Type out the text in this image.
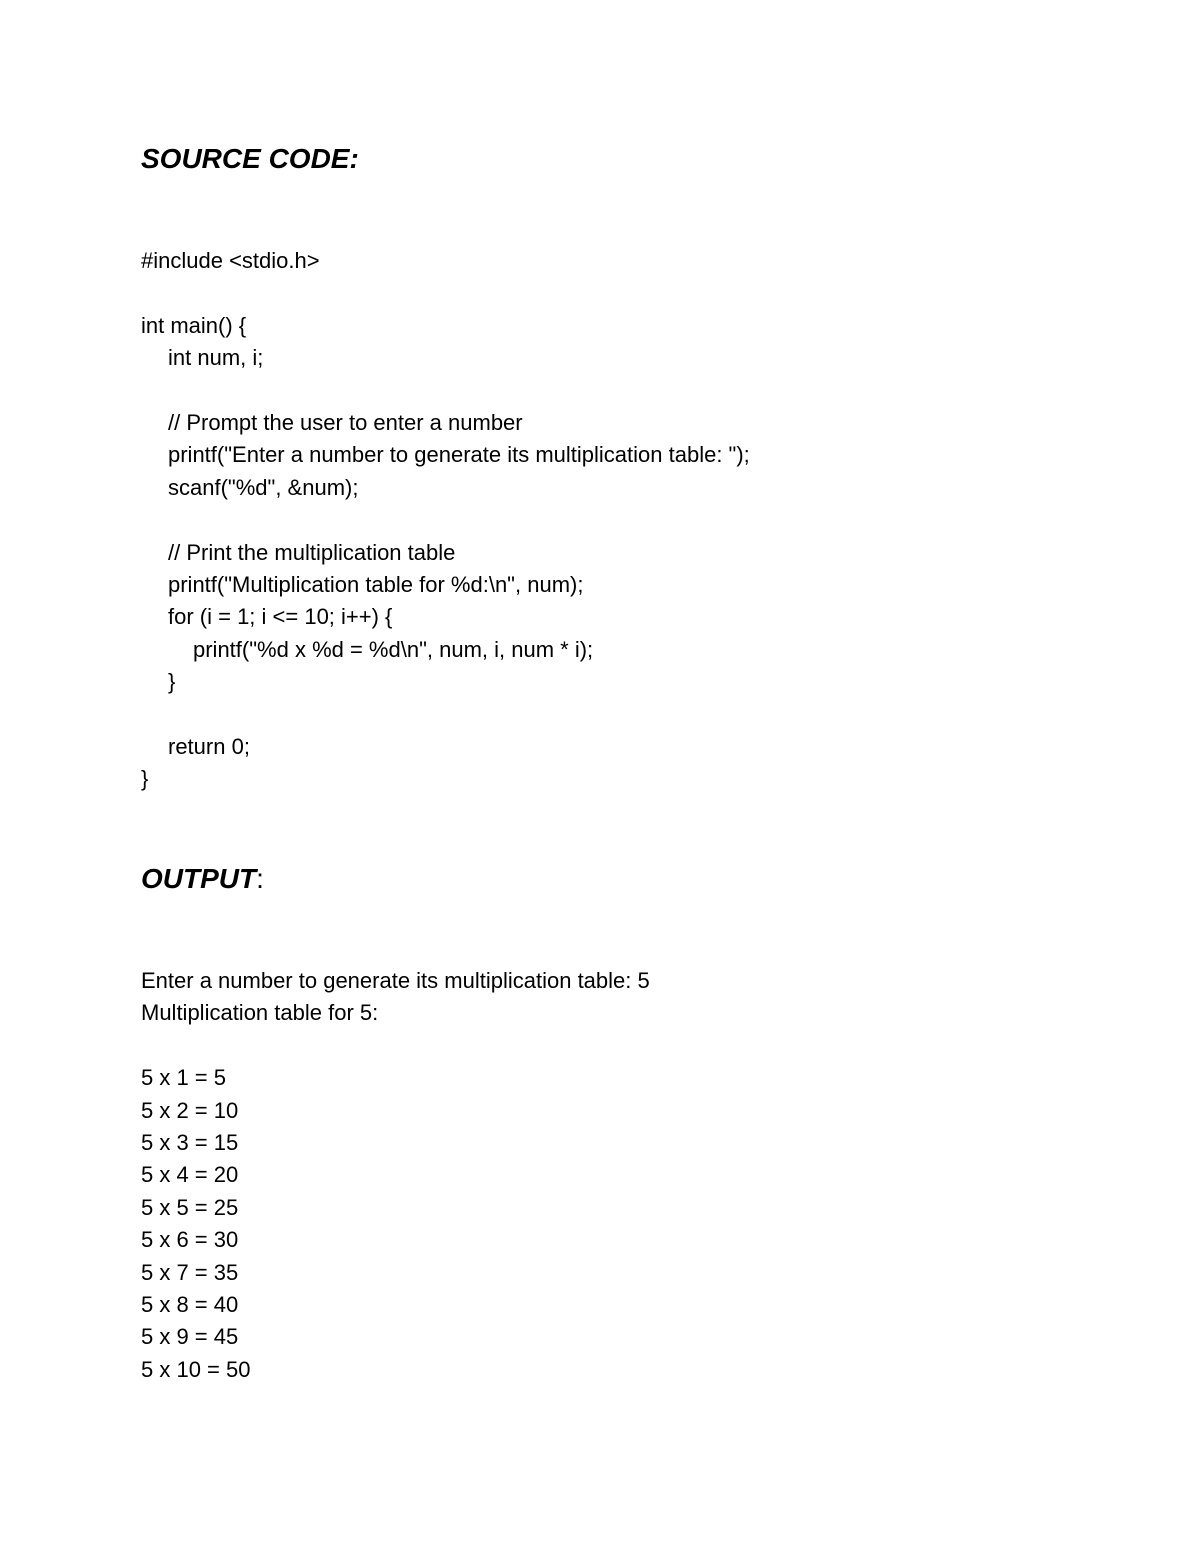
SOURCE CODE:
#include <stdio.h>
int main() {
int num, i;
// Prompt the user to enter a number
printf("Enter a number to generate its multiplication table: ");
scanf("%d", &num);
// Print the multiplication table
printf("Multiplication table for %d:\n", num);
for (i = 1; i <= 10; i++) {
printf("%d x %d = %d\n", num, i, num * i);
}
return 0;
}
OUTPUT:
Enter a number to generate its multiplication table: 5
Multiplication table for 5:
5 x 1 = 5
5 x 2 = 10
5 x 3 = 15
5 x 4 = 20
5 x 5 = 25
5 x 6 = 30
5 x 7 = 35
5 x 8 = 40
5 x 9 = 45
5 x 10 = 50
